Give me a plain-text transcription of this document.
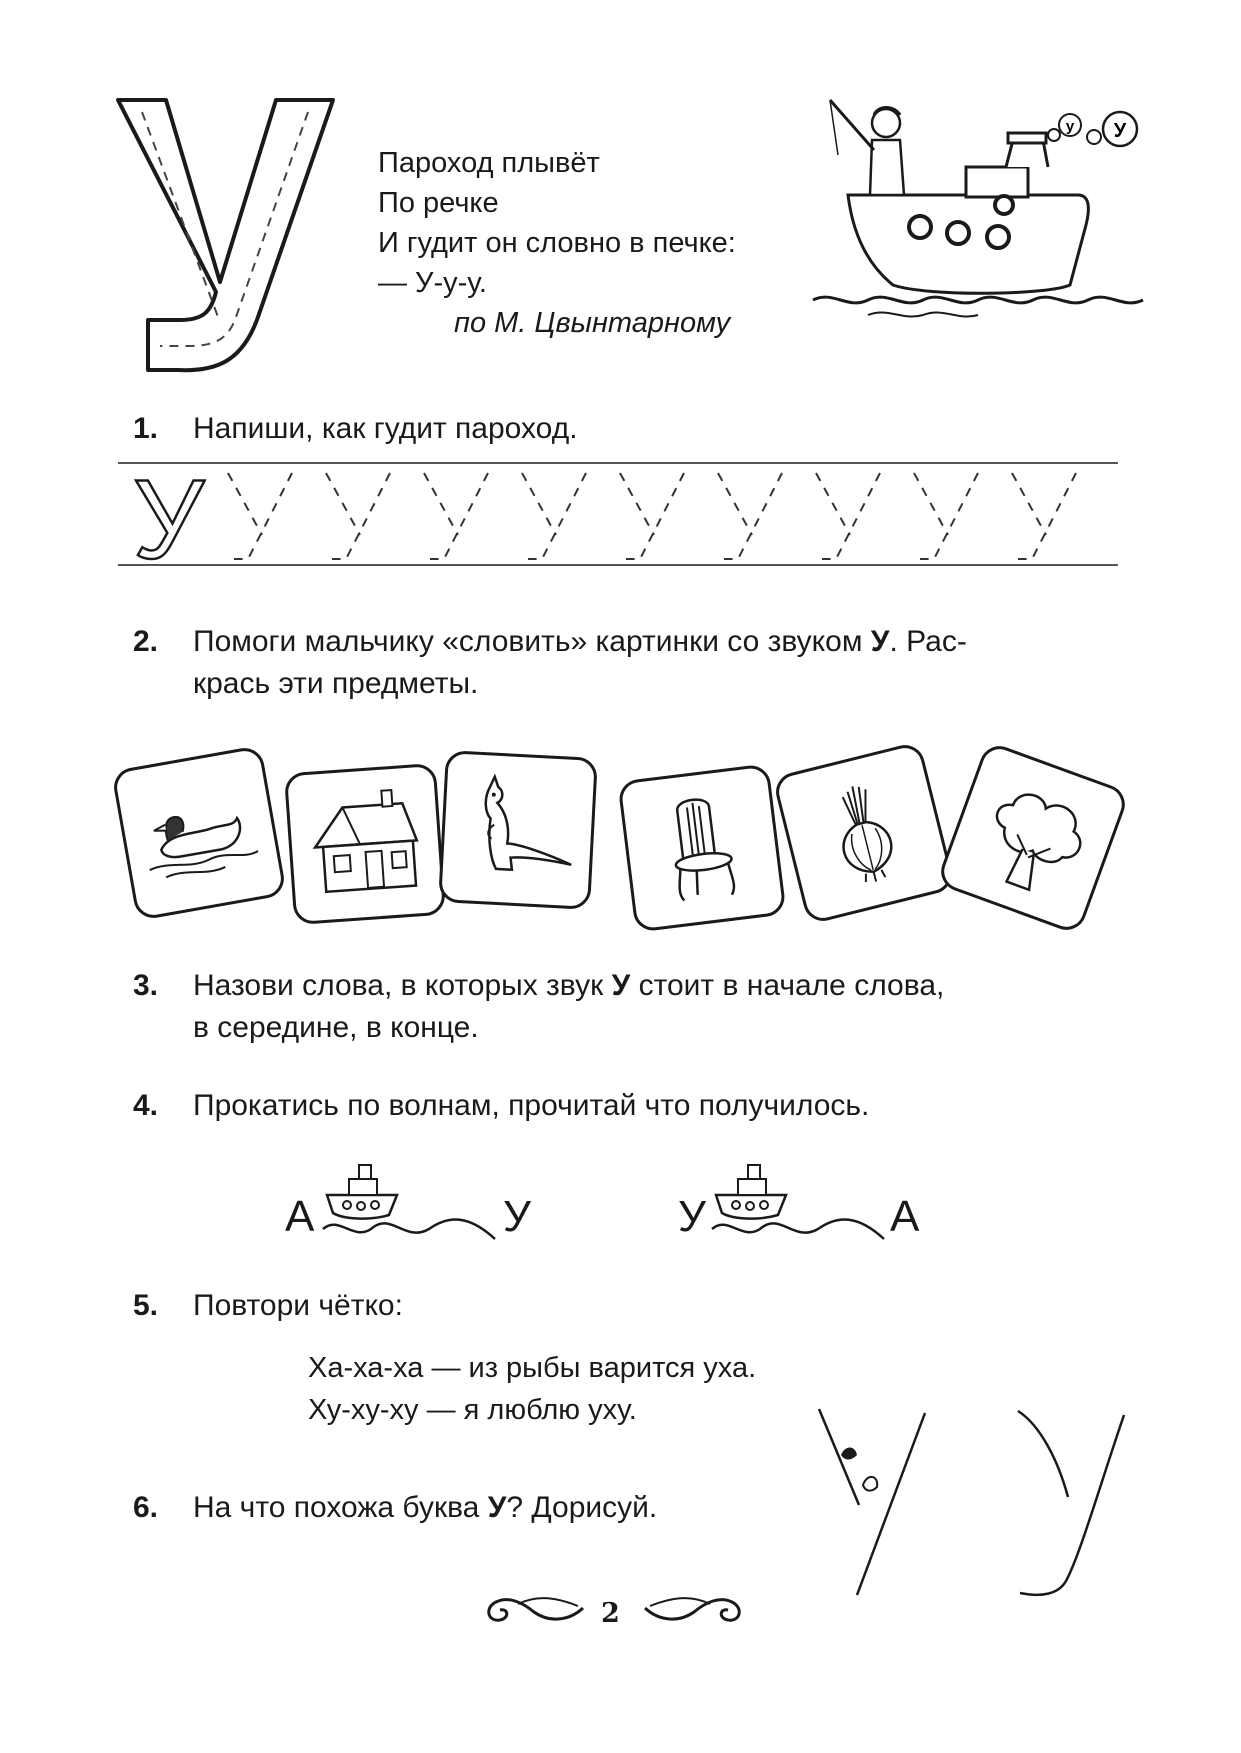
У
Пароход плывёт
По речке
И гудит он словно в печке:
— У-у-у.
по М. Цвынтарному
у У
1. Напиши, как гудит пароход.
У
2. Помоги мальчику «словить» картинки со звуком У. Рас-
крась эти предметы.
3. Назови слова, в которых звук У стоит в начале слова,
в середине, в конце.
4. Прокатись по волнам, прочитай что получилось.
А	У	У	А
5. Повтори чётко:
Ха-ха-ха — из рыбы варится уха.
Ху-ху-ху — я люблю уху.
6. На что похожа буква У? Дорисуй.
2
